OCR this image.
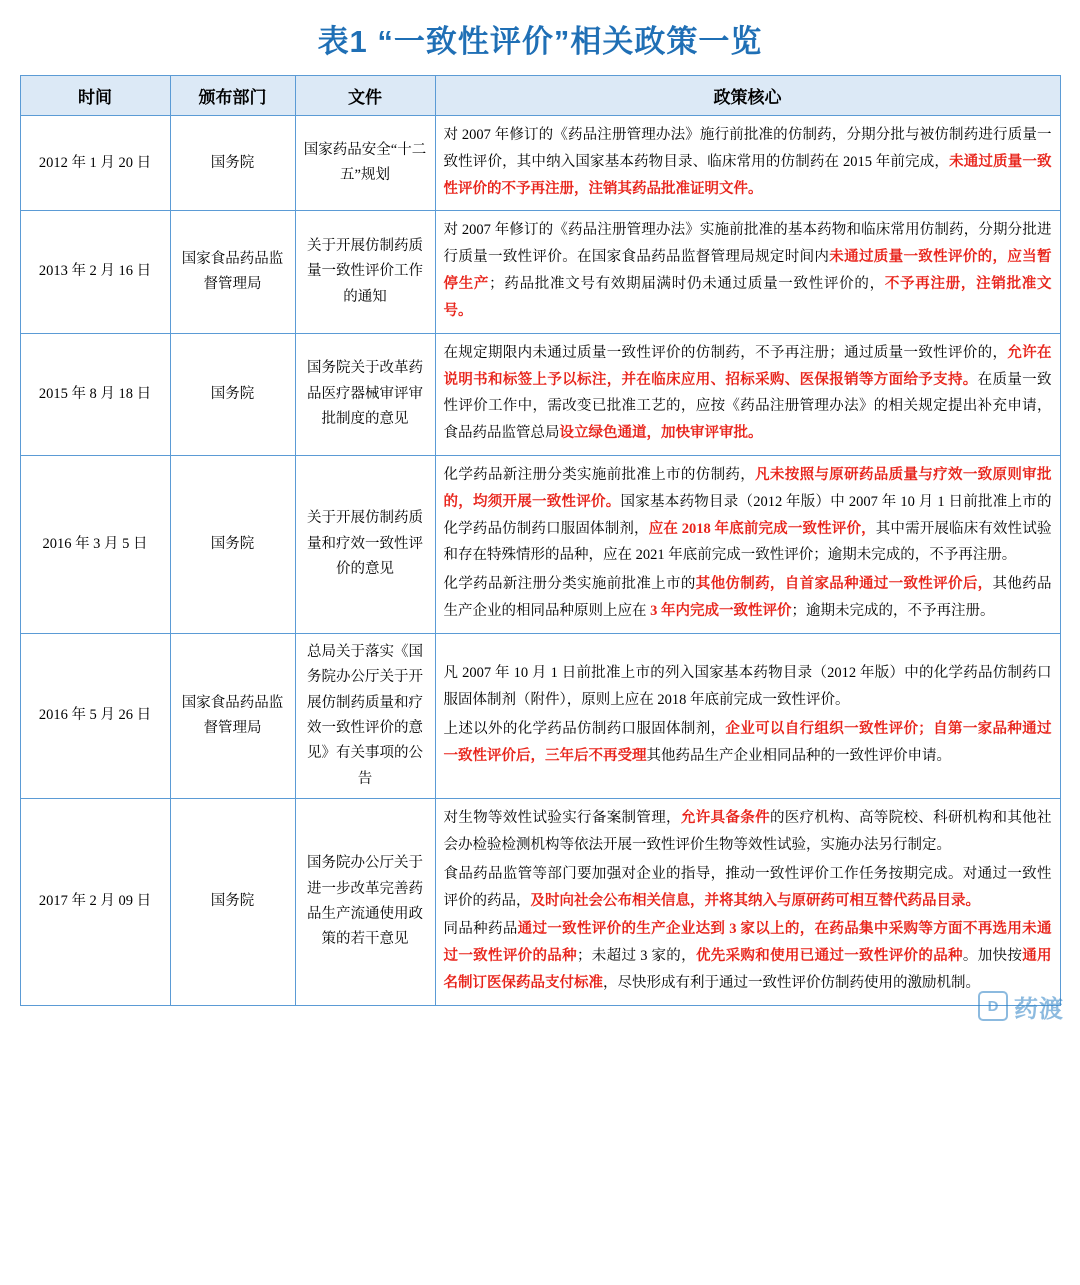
表1 “一致性评价”相关政策一览
时间	颁布部门	文件	政策核心
2012 年 1 月 20 日	国务院	国家药品安全“十二五”规划	对 2007 年修订的《药品注册管理办法》施行前批准的仿制药，分期分批与被仿制药进行质量一致性评价，其中纳入国家基本药物目录、临床常用的仿制药在 2015 年前完成，未通过质量一致性评价的不予再注册，注销其药品批准证明文件。

2013 年 2 月 16 日	国家食品药品监督管理局	关于开展仿制药质量一致性评价工作的通知	对 2007 年修订的《药品注册管理办法》实施前批准的基本药物和临床常用仿制药，分期分批进行质量一致性评价。在国家食品药品监督管理局规定时间内未通过质量一致性评价的，应当暂停生产；药品批准文号有效期届满时仍未通过质量一致性评价的，不予再注册，注销批准文号。

2015 年 8 月 18 日	国务院	国务院关于改革药品医疗器械审评审批制度的意见	在规定期限内未通过质量一致性评价的仿制药，不予再注册；通过质量一致性评价的，允许在说明书和标签上予以标注，并在临床应用、招标采购、医保报销等方面给予支持。在质量一致性评价工作中，需改变已批准工艺的，应按《药品注册管理办法》的相关规定提出补充申请，食品药品监管总局设立绿色通道，加快审评审批。

2016 年 3 月 5 日	国务院	关于开展仿制药质量和疗效一致性评价的意见	化学药品新注册分类实施前批准上市的仿制药，凡未按照与原研药品质量与疗效一致原则审批的，均须开展一致性评价。国家基本药物目录（2012 年版）中 2007 年 10 月 1 日前批准上市的化学药品仿制药口服固体制剂，应在 2018 年底前完成一致性评价，其中需开展临床有效性试验和存在特殊情形的品种，应在 2021 年底前完成一致性评价；逾期未完成的，不予再注册。

化学药品新注册分类实施前批准上市的其他仿制药，自首家品种通过一致性评价后，其他药品生产企业的相同品种原则上应在 3 年内完成一致性评价；逾期未完成的，不予再注册。

2016 年 5 月 26 日	国家食品药品监督管理局	总局关于落实《国务院办公厅关于开展仿制药质量和疗效一致性评价的意见》有关事项的公告	凡 2007 年 10 月 1 日前批准上市的列入国家基本药物目录（2012 年版）中的化学药品仿制药口服固体制剂（附件），原则上应在 2018 年底前完成一致性评价。

上述以外的化学药品仿制药口服固体制剂，企业可以自行组织一致性评价；自第一家品种通过一致性评价后，三年后不再受理其他药品生产企业相同品种的一致性评价申请。

2017 年 2 月 09 日	国务院	国务院办公厅关于进一步改革完善药品生产流通使用政策的若干意见	对生物等效性试验实行备案制管理，允许具备条件的医疗机构、高等院校、科研机构和其他社会办检验检测机构等依法开展一致性评价生物等效性试验，实施办法另行制定。

食品药品监管等部门要加强对企业的指导，推动一致性评价工作任务按期完成。对通过一致性评价的药品，及时向社会公布相关信息，并将其纳入与原研药可相互替代药品目录。

同品种药品通过一致性评价的生产企业达到 3 家以上的，在药品集中采购等方面不再选用未通过一致性评价的品种；未超过 3 家的，优先采购和使用已通过一致性评价的品种。加快按通用名制订医保药品支付标准，尽快形成有利于通过一致性评价仿制药使用的激励机制。

D 药渡
